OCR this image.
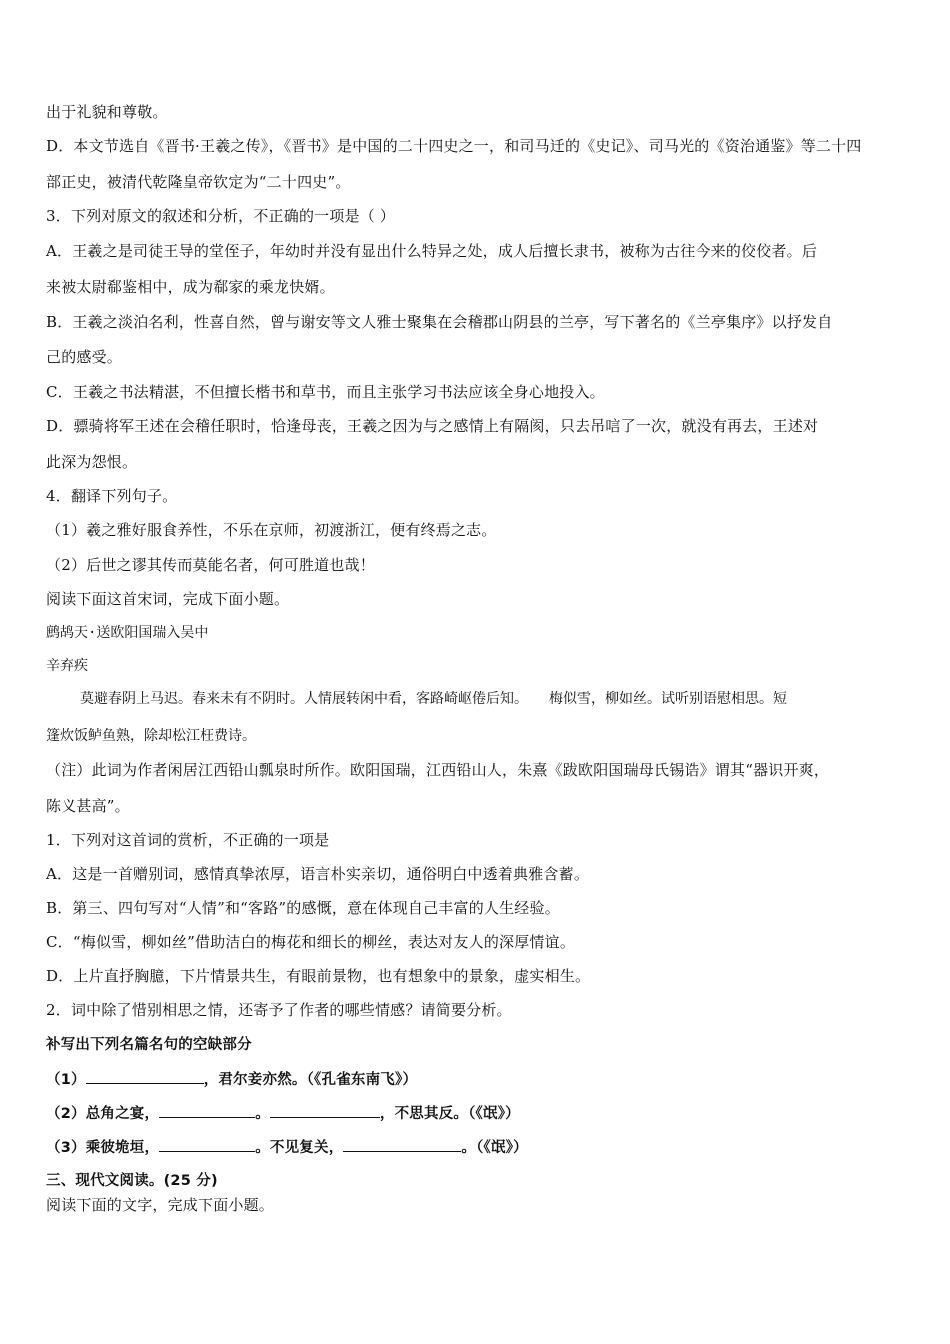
出于礼貌和尊敬。
D．本文节选自《晋书·王羲之传》，《晋书》是中国的二十四史之一，和司马迁的《史记》、司马光的《资治通鉴》等二十四
部正史，被清代乾隆皇帝钦定为“二十四史”。
3．下列对原文的叙述和分析，不正确的一项是（ ）
A．王羲之是司徒王导的堂侄子，年幼时并没有显出什么特异之处，成人后擅长隶书，被称为古往今来的佼佼者。后
来被太尉郗鉴相中，成为郗家的乘龙快婿。
B．王羲之淡泊名利，性喜自然，曾与谢安等文人雅士聚集在会稽郡山阴县的兰亭，写下著名的《兰亭集序》以抒发自
己的感受。
C．王羲之书法精湛，不但擅长楷书和草书，而且主张学习书法应该全身心地投入。
D．骠骑将军王述在会稽任职时，恰逢母丧，王羲之因为与之感情上有隔阂，只去吊唁了一次，就没有再去，王述对
此深为怨恨。
4．翻译下列句子。
（1）羲之雅好服食养性，不乐在京师，初渡浙江，便有终焉之志。
（2）后世之谬其传而莫能名者，何可胜道也哉！
阅读下面这首宋词，完成下面小题。
鹧鸪天·送欧阳国瑞入吴中
辛弃疾
莫避春阴上马迟。春来未有不阴时。人情展转闲中看，客路崎岖倦后知。　　梅似雪，柳如丝。试听别语慰相思。短
篷炊饭鲈鱼熟，除却松江枉费诗。
（注）此词为作者闲居江西铅山瓢泉时所作。欧阳国瑞，江西铅山人，朱熹《跋欧阳国瑞母氏锡诰》谓其“器识开爽，
陈义甚高”。
1．下列对这首词的赏析，不正确的一项是
A．这是一首赠别词，感情真挚浓厚，语言朴实亲切，通俗明白中透着典雅含蓄。
B．第三、四句写对“人情”和“客路”的感慨，意在体现自己丰富的人生经验。
C．“梅似雪，柳如丝”借助洁白的梅花和细长的柳丝，表达对友人的深厚情谊。
D．上片直抒胸臆，下片情景共生，有眼前景物，也有想象中的景象，虚实相生。
2．词中除了惜别相思之情，还寄予了作者的哪些情感？请简要分析。
补写出下列名篇名句的空缺部分
（1）	，君尔妾亦然。（《孔雀东南飞》）
（2）总角之宴，	。	，不思其反。（《氓》）
（3）乘彼垝垣，	。不见复关，	。（《氓》）
三、现代文阅读。(25 分)
阅读下面的文字，完成下面小题。
